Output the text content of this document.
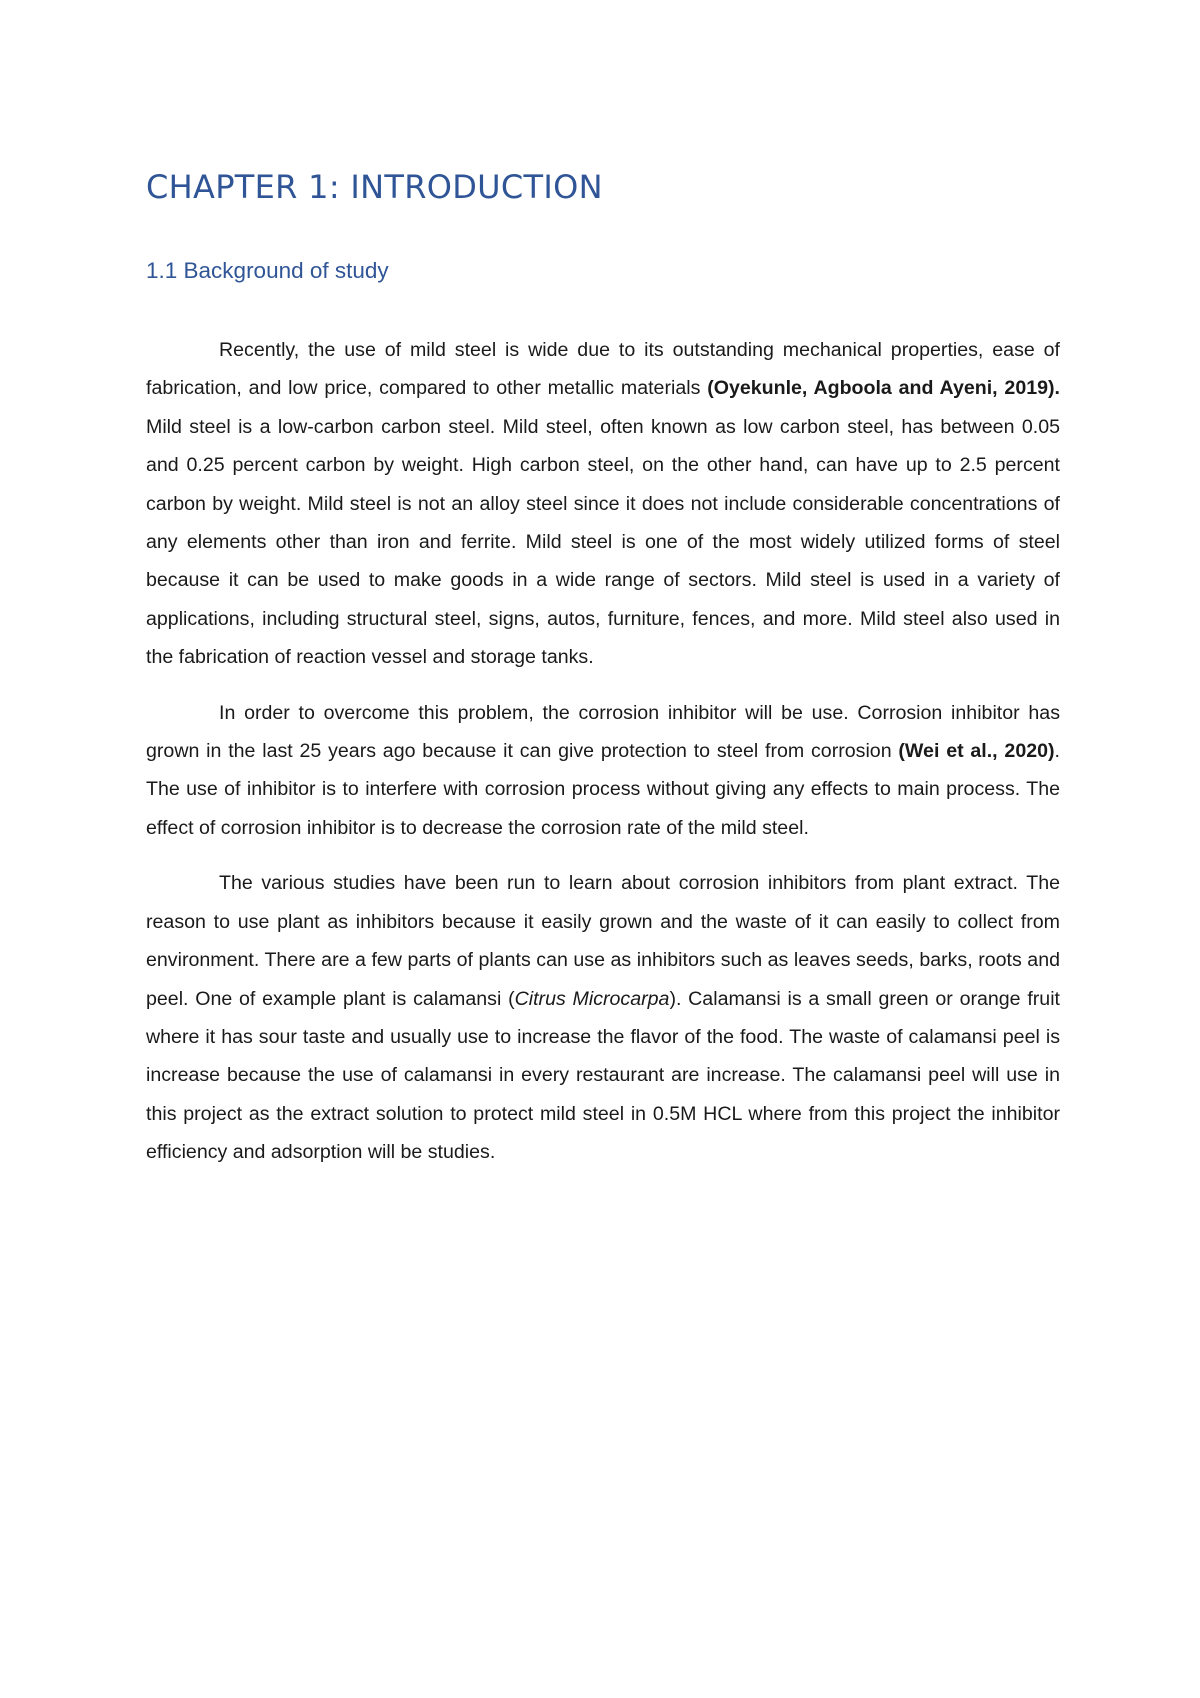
CHAPTER 1: INTRODUCTION
1.1 Background of study

Recently, the use of mild steel is wide due to its outstanding mechanical properties, ease of fabrication, and low price, compared to other metallic materials (Oyekunle, Agboola and Ayeni, 2019). Mild steel is a low-carbon carbon steel. Mild steel, often known as low carbon steel, has between 0.05 and 0.25 percent carbon by weight. High carbon steel, on the other hand, can have up to 2.5 percent carbon by weight. Mild steel is not an alloy steel since it does not include considerable concentrations of any elements other than iron and ferrite. Mild steel is one of the most widely utilized forms of steel because it can be used to make goods in a wide range of sectors. Mild steel is used in a variety of applications, including structural steel, signs, autos, furniture, fences, and more. Mild steel also used in the fabrication of reaction vessel and storage tanks.

In order to overcome this problem, the corrosion inhibitor will be use. Corrosion inhibitor has grown in the last 25 years ago because it can give protection to steel from corrosion (Wei et al., 2020). The use of inhibitor is to interfere with corrosion process without giving any effects to main process. The effect of corrosion inhibitor is to decrease the corrosion rate of the mild steel.

The various studies have been run to learn about corrosion inhibitors from plant extract. The reason to use plant as inhibitors because it easily grown and the waste of it can easily to collect from environment. There are a few parts of plants can use as inhibitors such as leaves seeds, barks, roots and peel. One of example plant is calamansi (Citrus Microcarpa). Calamansi is a small green or orange fruit where it has sour taste and usually use to increase the flavor of the food. The waste of calamansi peel is increase because the use of calamansi in every restaurant are increase. The calamansi peel will use in this project as the extract solution to protect mild steel in 0.5M HCL where from this project the inhibitor efficiency and adsorption will be studies.
